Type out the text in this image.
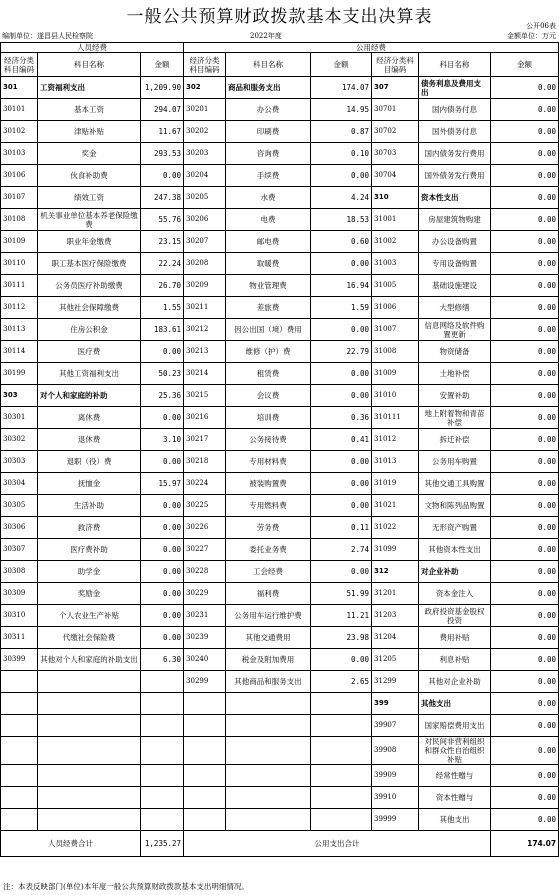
一般公共预算财政拨款基本支出决算表	公开06表
编制单位：遂昌县人民检察院	2022年度	金额单位：万元
人员经费			公用经费					
经济分类科目编码	科目名称	金额	经济分类科目编码	科目名称	金额	经济分类科目编码	科目名称	金额
301	工资福利支出	1,209.90	302	商品和服务支出	174.07	307	债务利息及费用支出	0.00
30101	基本工资	294.07	30201	办公费	14.95	30701	国内债务付息	0.00
30102	津贴补贴	11.67	30202	印刷费	0.87	30702	国外债务付息	0.00
30103	奖金	293.53	30203	咨询费	0.10	30703	国内债务发行费用	0.00
30106	伙食补助费	0.00	30204	手续费	0.00	30704	国外债务发行费用	0.00
30107	绩效工资	247.38	30205	水费	4.24	310	资本性支出	0.00
30108	机关事业单位基本养老保险缴费	55.76	30206	电费	18.53	31001	房屋建筑物购建	0.00
30109	职业年金缴费	23.15	30207	邮电费	0.60	31002	办公设备购置	0.00
30110	职工基本医疗保险缴费	22.24	30208	取暖费	0.00	31003	专用设备购置	0.00
30111	公务员医疗补助缴费	26.70	30209	物业管理费	16.94	31005	基础设施建设	0.00
30112	其他社会保障缴费	1.55	30211	差旅费	1.59	31006	大型修缮	0.00
30113	住房公积金	183.61	30212	因公出国（境）费用	0.00	31007	信息网络及软件购置更新	0.00
30114	医疗费	0.00	30213	维修（护）费	22.79	31008	物资储备	0.00
30199	其他工资福利支出	50.23	30214	租赁费	0.00	31009	土地补偿	0.00
303	对个人和家庭的补助	25.36	30215	会议费	0.00	31010	安置补助	0.00
30301	离休费	0.00	30216	培训费	0.36	310111	地上附着物和青苗补偿	0.00
30302	退休费	3.10	30217	公务接待费	0.41	31012	拆迁补偿	0.00
30303	退职（役）费	0.00	30218	专用材料费	0.00	31013	公务用车购置	0.00
30304	抚恤金	15.97	30224	被装购置费	0.00	31019	其他交通工具购置	0.00
30305	生活补助	0.00	30225	专用燃料费	0.00	31021	文物和陈列品购置	0.00
30306	救济费	0.00	30226	劳务费	0.11	31022	无形资产购置	0.00
30307	医疗费补助	0.00	30227	委托业务费	2.74	31099	其他资本性支出	0.00
30308	助学金	0.00	30228	工会经费	0.00	312	对企业补助	0.00
30309	奖励金	0.00	30229	福利费	51.99	31201	资本金注入	0.00
30310	个人农业生产补贴	0.00	30231	公务用车运行维护费	11.21	31203	政府投资基金股权投资	0.00
30311	代缴社会保险费	0.00	30239	其他交通费用	23.98	31204	费用补贴	0.00
30399	其他对个人和家庭的补助支出	6.30	30240	税金及附加费用	0.00	31205	利息补贴	0.00
			30299	其他商品和服务支出	2.65	31299	其他对企业补助	0.00
						399	其他支出	0.00
						39907	国家赔偿费用支出	0.00
						39908	对民间非营利组织和群众性自治组织补贴	0.00
						39909	经常性赠与	0.00
						39910	资本性赠与	0.00
						39999	其他支出	0.00
人员经费合计		1,235.27	公用支出合计					174.07
注：本表反映部门(单位)本年度一般公共预算财政拨款基本支出明细情况。
